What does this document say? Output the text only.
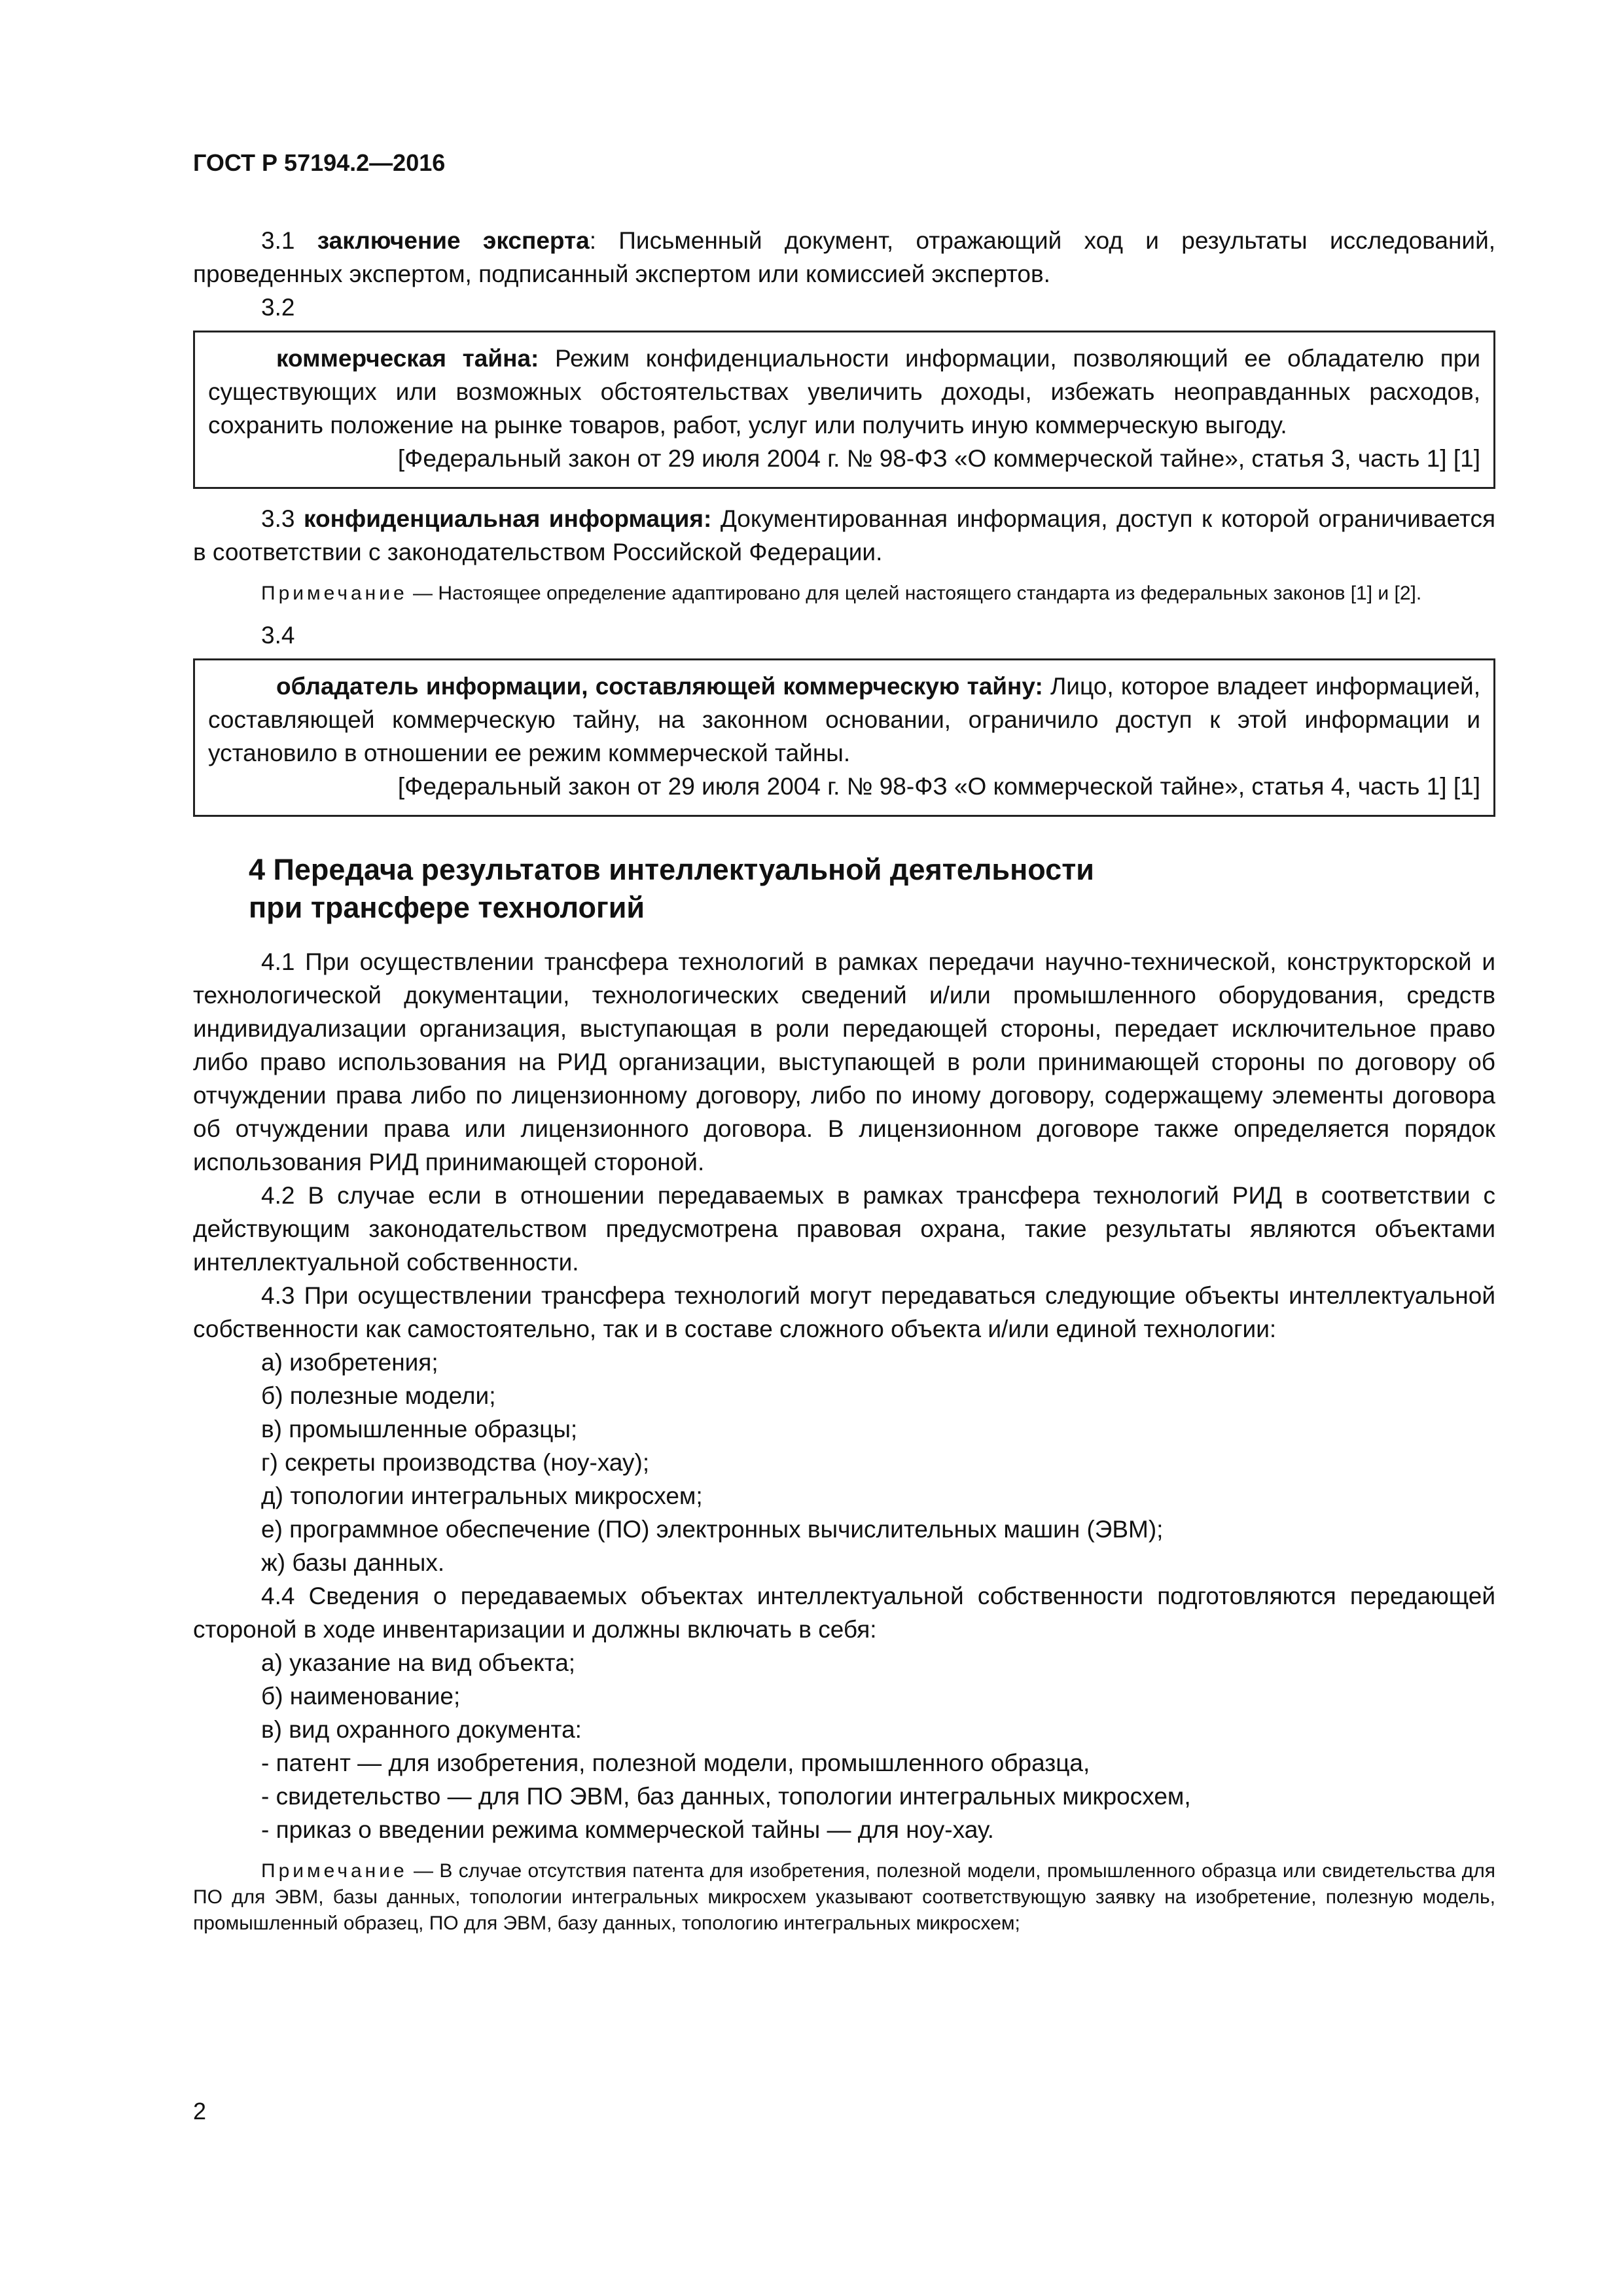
ГОСТ Р 57194.2—2016

3.1 заключение эксперта: Письменный документ, отражающий ход и результаты исследований, проведенных экспертом, подписанный экспертом или комиссией экспертов.

3.2

коммерческая тайна: Режим конфиденциальности информации, позволяющий ее обладателю при существующих или возможных обстоятельствах увеличить доходы, избежать неоправданных расходов, сохранить положение на рынке товаров, работ, услуг или получить иную коммерческую выгоду.

[Федеральный закон от 29 июля 2004 г. № 98-ФЗ «О коммерческой тайне», статья 3, часть 1] [1]

3.3 конфиденциальная информация: Документированная информация, доступ к которой ограничивается в соответствии с законодательством Российской Федерации.

Примечание — Настоящее определение адаптировано для целей настоящего стандарта из федеральных законов [1] и [2].

3.4

обладатель информации, составляющей коммерческую тайну: Лицо, которое владеет информацией, составляющей коммерческую тайну, на законном основании, ограничило доступ к этой информации и установило в отношении ее режим коммерческой тайны.

[Федеральный закон от 29 июля 2004 г. № 98-ФЗ «О коммерческой тайне», статья 4, часть 1] [1]

4 Передача результатов интеллектуальной деятельности
при трансфере технологий

4.1 При осуществлении трансфера технологий в рамках передачи научно-технической, конструкторской и технологической документации, технологических сведений и/или промышленного оборудования, средств индивидуализации организация, выступающая в роли передающей стороны, передает исключительное право либо право использования на РИД организации, выступающей в роли принимающей стороны по договору об отчуждении права либо по лицензионному договору, либо по иному договору, содержащему элементы договора об отчуждении права или лицензионного договора. В лицензионном договоре также определяется порядок использования РИД принимающей стороной.

4.2 В случае если в отношении передаваемых в рамках трансфера технологий РИД в соответствии с действующим законодательством предусмотрена правовая охрана, такие результаты являются объектами интеллектуальной собственности.

4.3 При осуществлении трансфера технологий могут передаваться следующие объекты интеллектуальной собственности как самостоятельно, так и в составе сложного объекта и/или единой технологии:

а) изобретения;

б) полезные модели;

в) промышленные образцы;

г) секреты производства (ноу-хау);

д) топологии интегральных микросхем;

е) программное обеспечение (ПО) электронных вычислительных машин (ЭВМ);

ж) базы данных.

4.4 Сведения о передаваемых объектах интеллектуальной собственности подготовляются передающей стороной в ходе инвентаризации и должны включать в себя:

а) указание на вид объекта;

б) наименование;

в) вид охранного документа:

- патент — для изобретения, полезной модели, промышленного образца,

- свидетельство — для ПО ЭВМ, баз данных, топологии интегральных микросхем,

- приказ о введении режима коммерческой тайны — для ноу-хау.

Примечание — В случае отсутствия патента для изобретения, полезной модели, промышленного образца или свидетельства для ПО для ЭВМ, базы данных, топологии интегральных микросхем указывают соответствующую заявку на изобретение, полезную модель, промышленный образец, ПО для ЭВМ, базу данных, топологию интегральных микросхем;

2
